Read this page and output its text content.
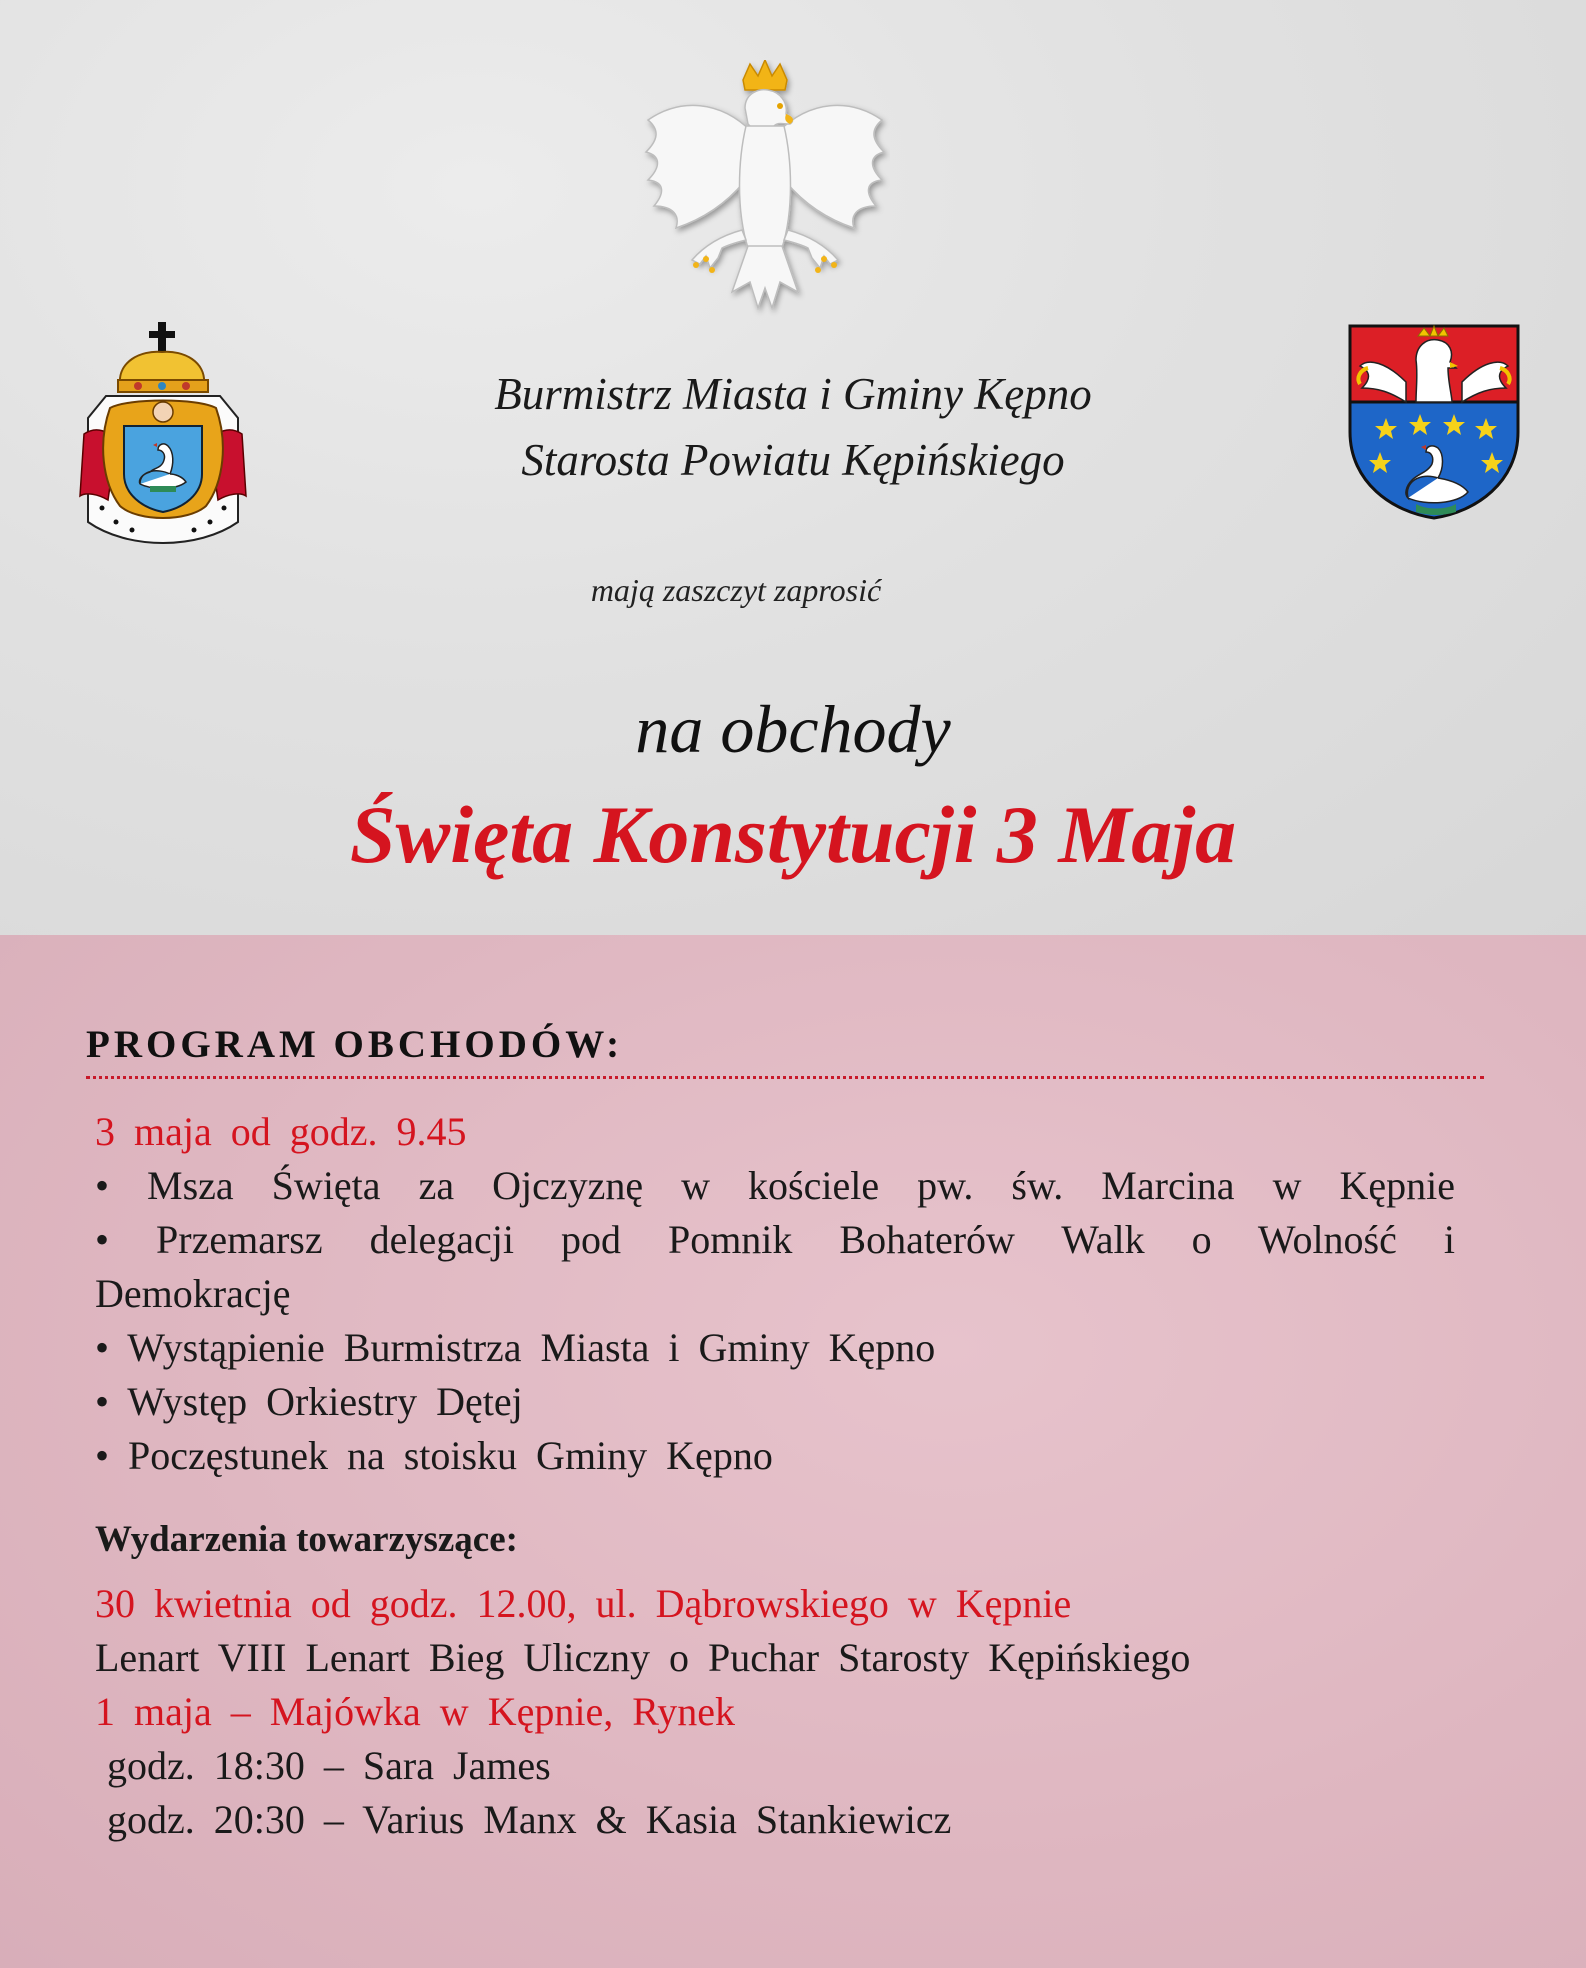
Burmistrz Miasta i Gminy Kępno
Starosta Powiatu Kępińskiego
mają zaszczyt zaprosić
na obchody
Święta Konstytucji 3 Maja
PROGRAM OBCHODÓW:
3 maja od godz. 9.45
• Msza Święta za Ojczyznę w kościele pw. św. Marcina w Kępnie
• Przemarsz delegacji pod Pomnik Bohaterów Walk o Wolność i
Demokrację
• Wystąpienie Burmistrza Miasta i Gminy Kępno
• Występ Orkiestry Dętej
• Poczęstunek na stoisku Gminy Kępno
Wydarzenia towarzyszące:
30 kwietnia od godz. 12.00, ul. Dąbrowskiego w Kępnie
Lenart VIII Lenart Bieg Uliczny o Puchar Starosty Kępińskiego
1 maja – Majówka w Kępnie, Rynek
godz. 18:30 – Sara James
godz. 20:30 – Varius Manx & Kasia Stankiewicz
